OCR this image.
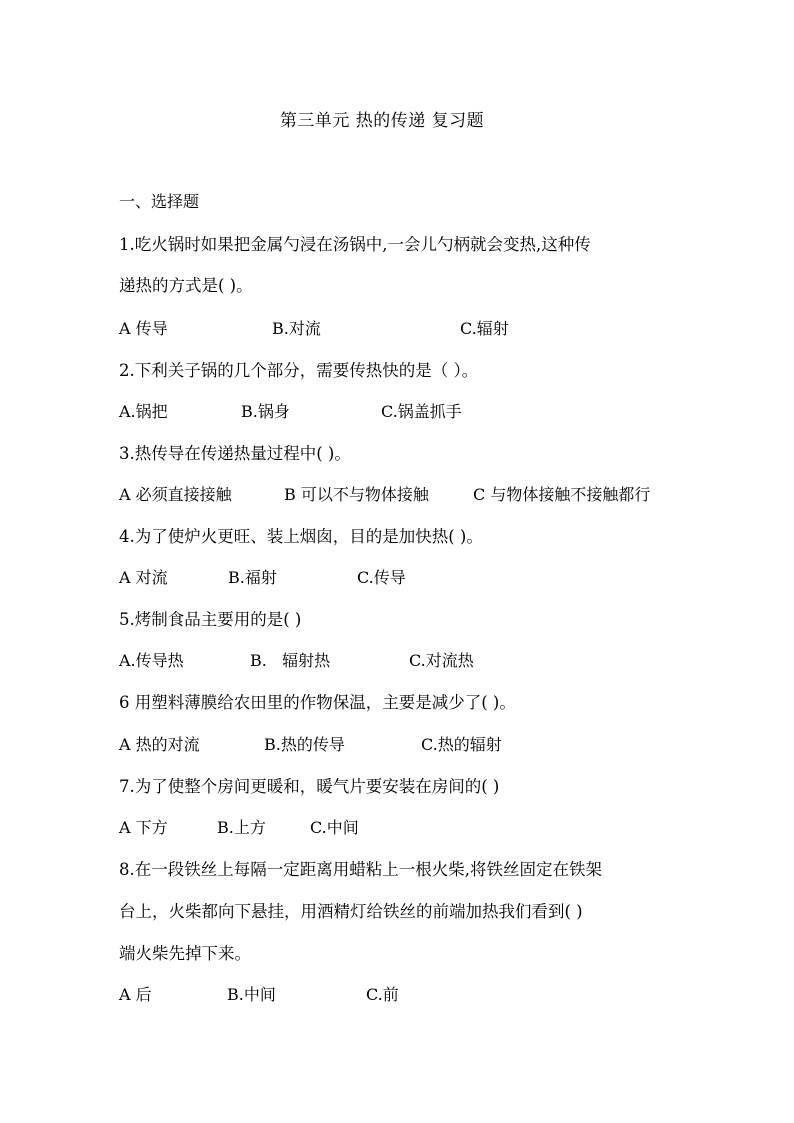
第三单元 热的传递 复习题
一、选择题
1.吃火锅时如果把金属勺浸在汤锅中,一会儿勺柄就会变热,这种传
递热的方式是( )。
A 传导	B.对流	C.辐射
2.下利关子锅的几个部分，需要传热快的是（ ）。
A.锅把	B.锅身	C.锅盖抓手
3.热传导在传递热量过程中( )。
A 必须直接接触	B 可以不与物体接触	C 与物体接触不接触都行
4.为了使炉火更旺、装上烟囱，目的是加快热( )。
A 对流	B.福射	C.传导
5.烤制食品主要用的是( )
A.传导热	B.   辐射热	C.对流热
6 用塑料薄膜给农田里的作物保温，主要是减少了( )。
A 热的对流	B.热的传导	C.热的辐射
7.为了使整个房间更暖和，暖气片要安装在房间的( )
A 下方	B.上方	C.中间
8.在一段铁丝上每隔一定距离用蜡粘上一根火柴,将铁丝固定在铁架
台上，火柴都向下悬挂，用酒精灯给铁丝的前端加热我们看到( )
端火柴先掉下来。
A 后	B.中间	C.前
